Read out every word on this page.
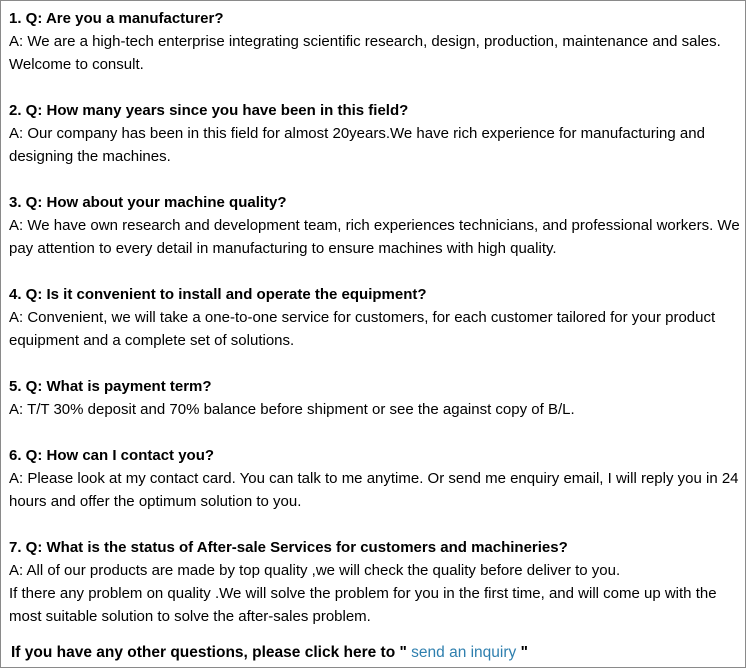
1. Q: Are you a manufacturer?
A: We are a high-tech enterprise integrating scientific research, design, production, maintenance and sales. Welcome to consult.
2. Q: How many years since you have been in this field?
A: Our company has been in this field for almost 20years.We have rich experience for manufacturing and designing the machines.
3. Q: How about your machine quality?
A: We have own research and development team, rich experiences technicians, and professional workers. We pay attention to every detail in manufacturing to ensure machines with high quality.
4. Q: Is it convenient to install and operate the equipment?
A: Convenient, we will take a one-to-one service for customers, for each customer tailored for your product equipment and a complete set of solutions.
5. Q: What is payment term?
A: T/T 30% deposit and 70% balance before shipment or see the against copy of B/L.
6. Q: How can I contact you?
A: Please look at my contact card. You can talk to me anytime. Or send me enquiry email, I will reply you in 24 hours and offer the optimum solution to you.
7. Q: What is the status of After-sale Services for customers and machineries?
A: All of our products are made by top quality ,we will check the quality before deliver to you.
If there any problem on quality .We will solve the problem for you in the first time, and will come up with the most suitable solution to solve the after-sales problem.
If you have any other questions, please click here to " send an inquiry "
